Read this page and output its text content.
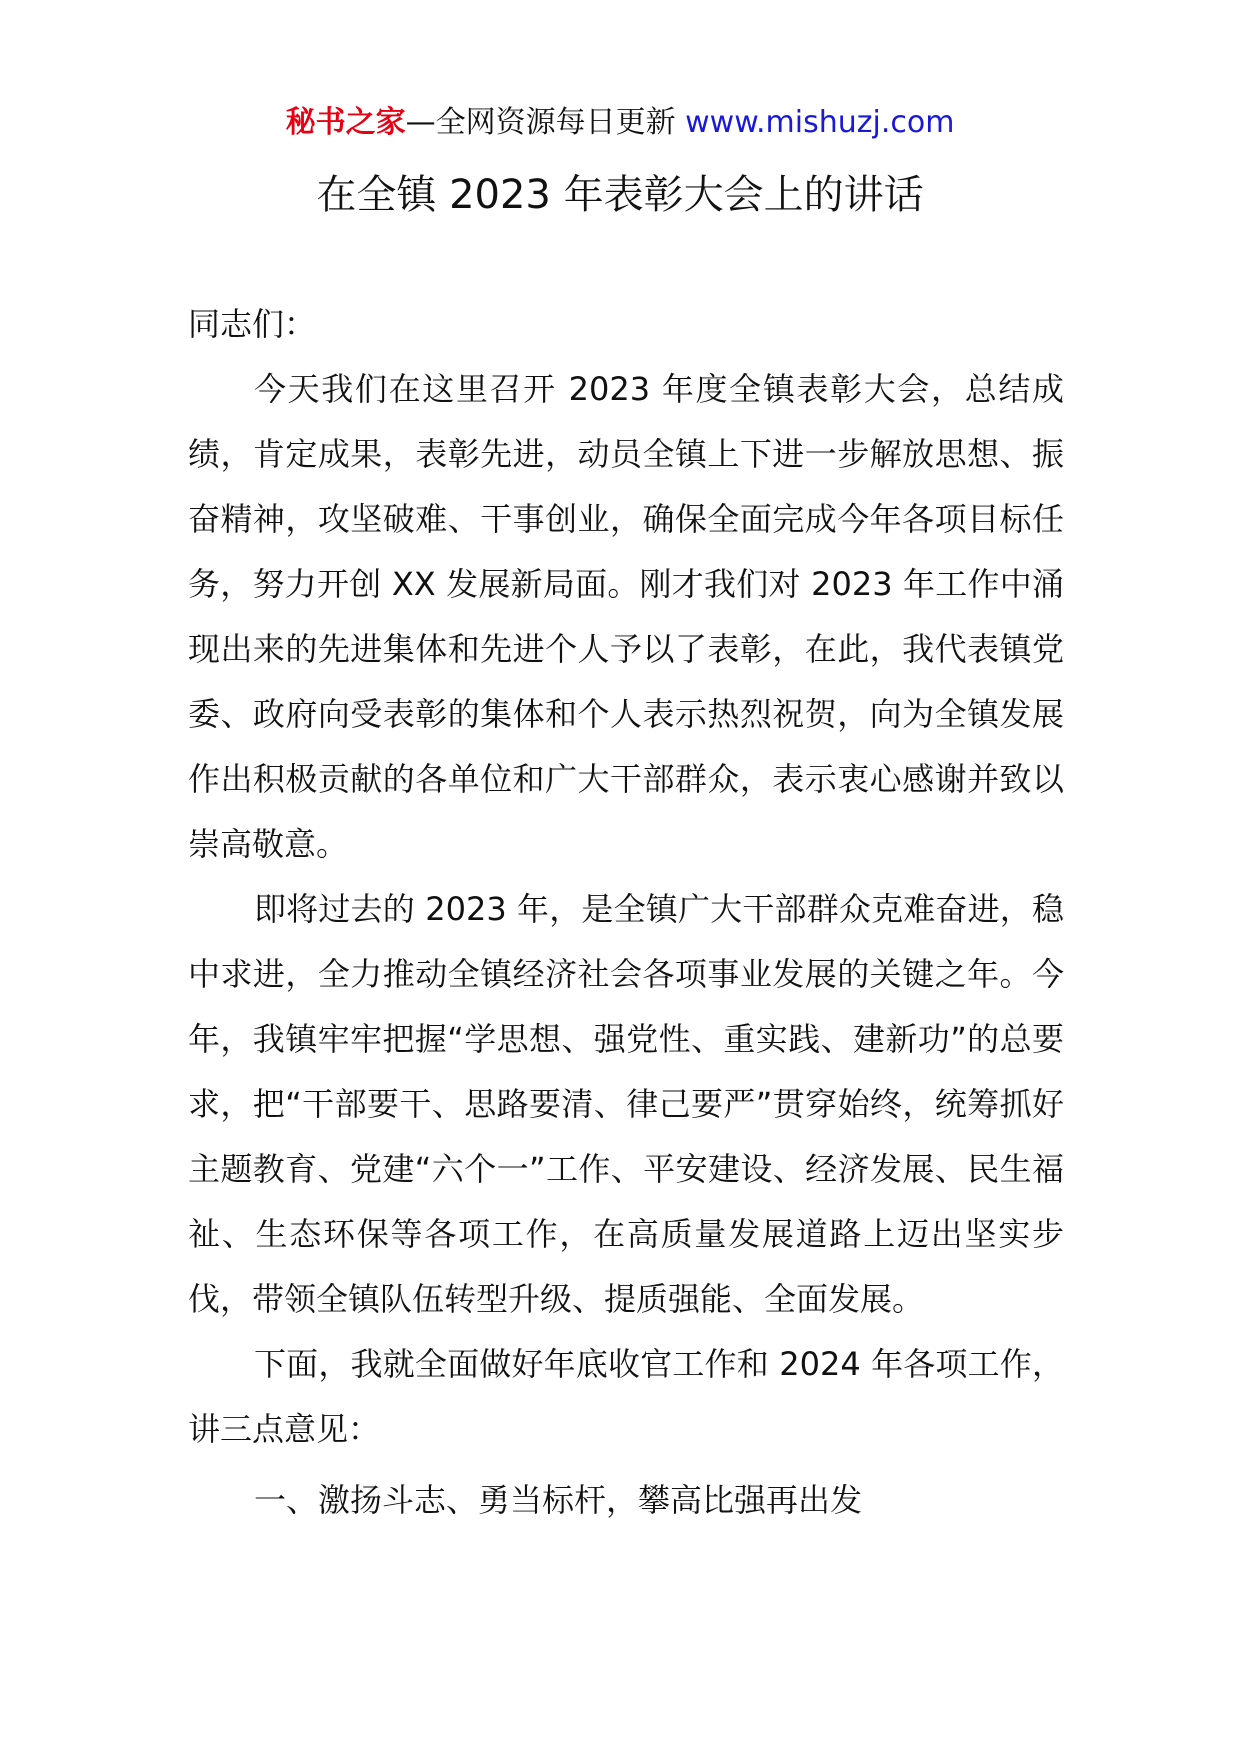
秘书之家—全网资源每日更新 www.mishuzj.com
在全镇 2023 年表彰大会上的讲话

同志们：

今天我们在这里召开 2023 年度全镇表彰大会，总结成绩，肯定成果，表彰先进，动员全镇上下进一步解放思想、振奋精神，攻坚破难、干事创业，确保全面完成今年各项目标任务，努力开创 XX 发展新局面。刚才我们对 2023 年工作中涌现出来的先进集体和先进个人予以了表彰，在此，我代表镇党委、政府向受表彰的集体和个人表示热烈祝贺，向为全镇发展作出积极贡献的各单位和广大干部群众，表示衷心感谢并致以崇高敬意。

即将过去的 2023 年，是全镇广大干部群众克难奋进，稳中求进，全力推动全镇经济社会各项事业发展的关键之年。今年，我镇牢牢把握“学思想、强党性、重实践、建新功”的总要求，把“干部要干、思路要清、律己要严”贯穿始终，统筹抓好主题教育、党建“六个一”工作、平安建设、经济发展、民生福祉、生态环保等各项工作，在高质量发展道路上迈出坚实步伐，带领全镇队伍转型升级、提质强能、全面发展。

下面，我就全面做好年底收官工作和 2024 年各项工作，讲三点意见：

一、激扬斗志、勇当标杆，攀高比强再出发
